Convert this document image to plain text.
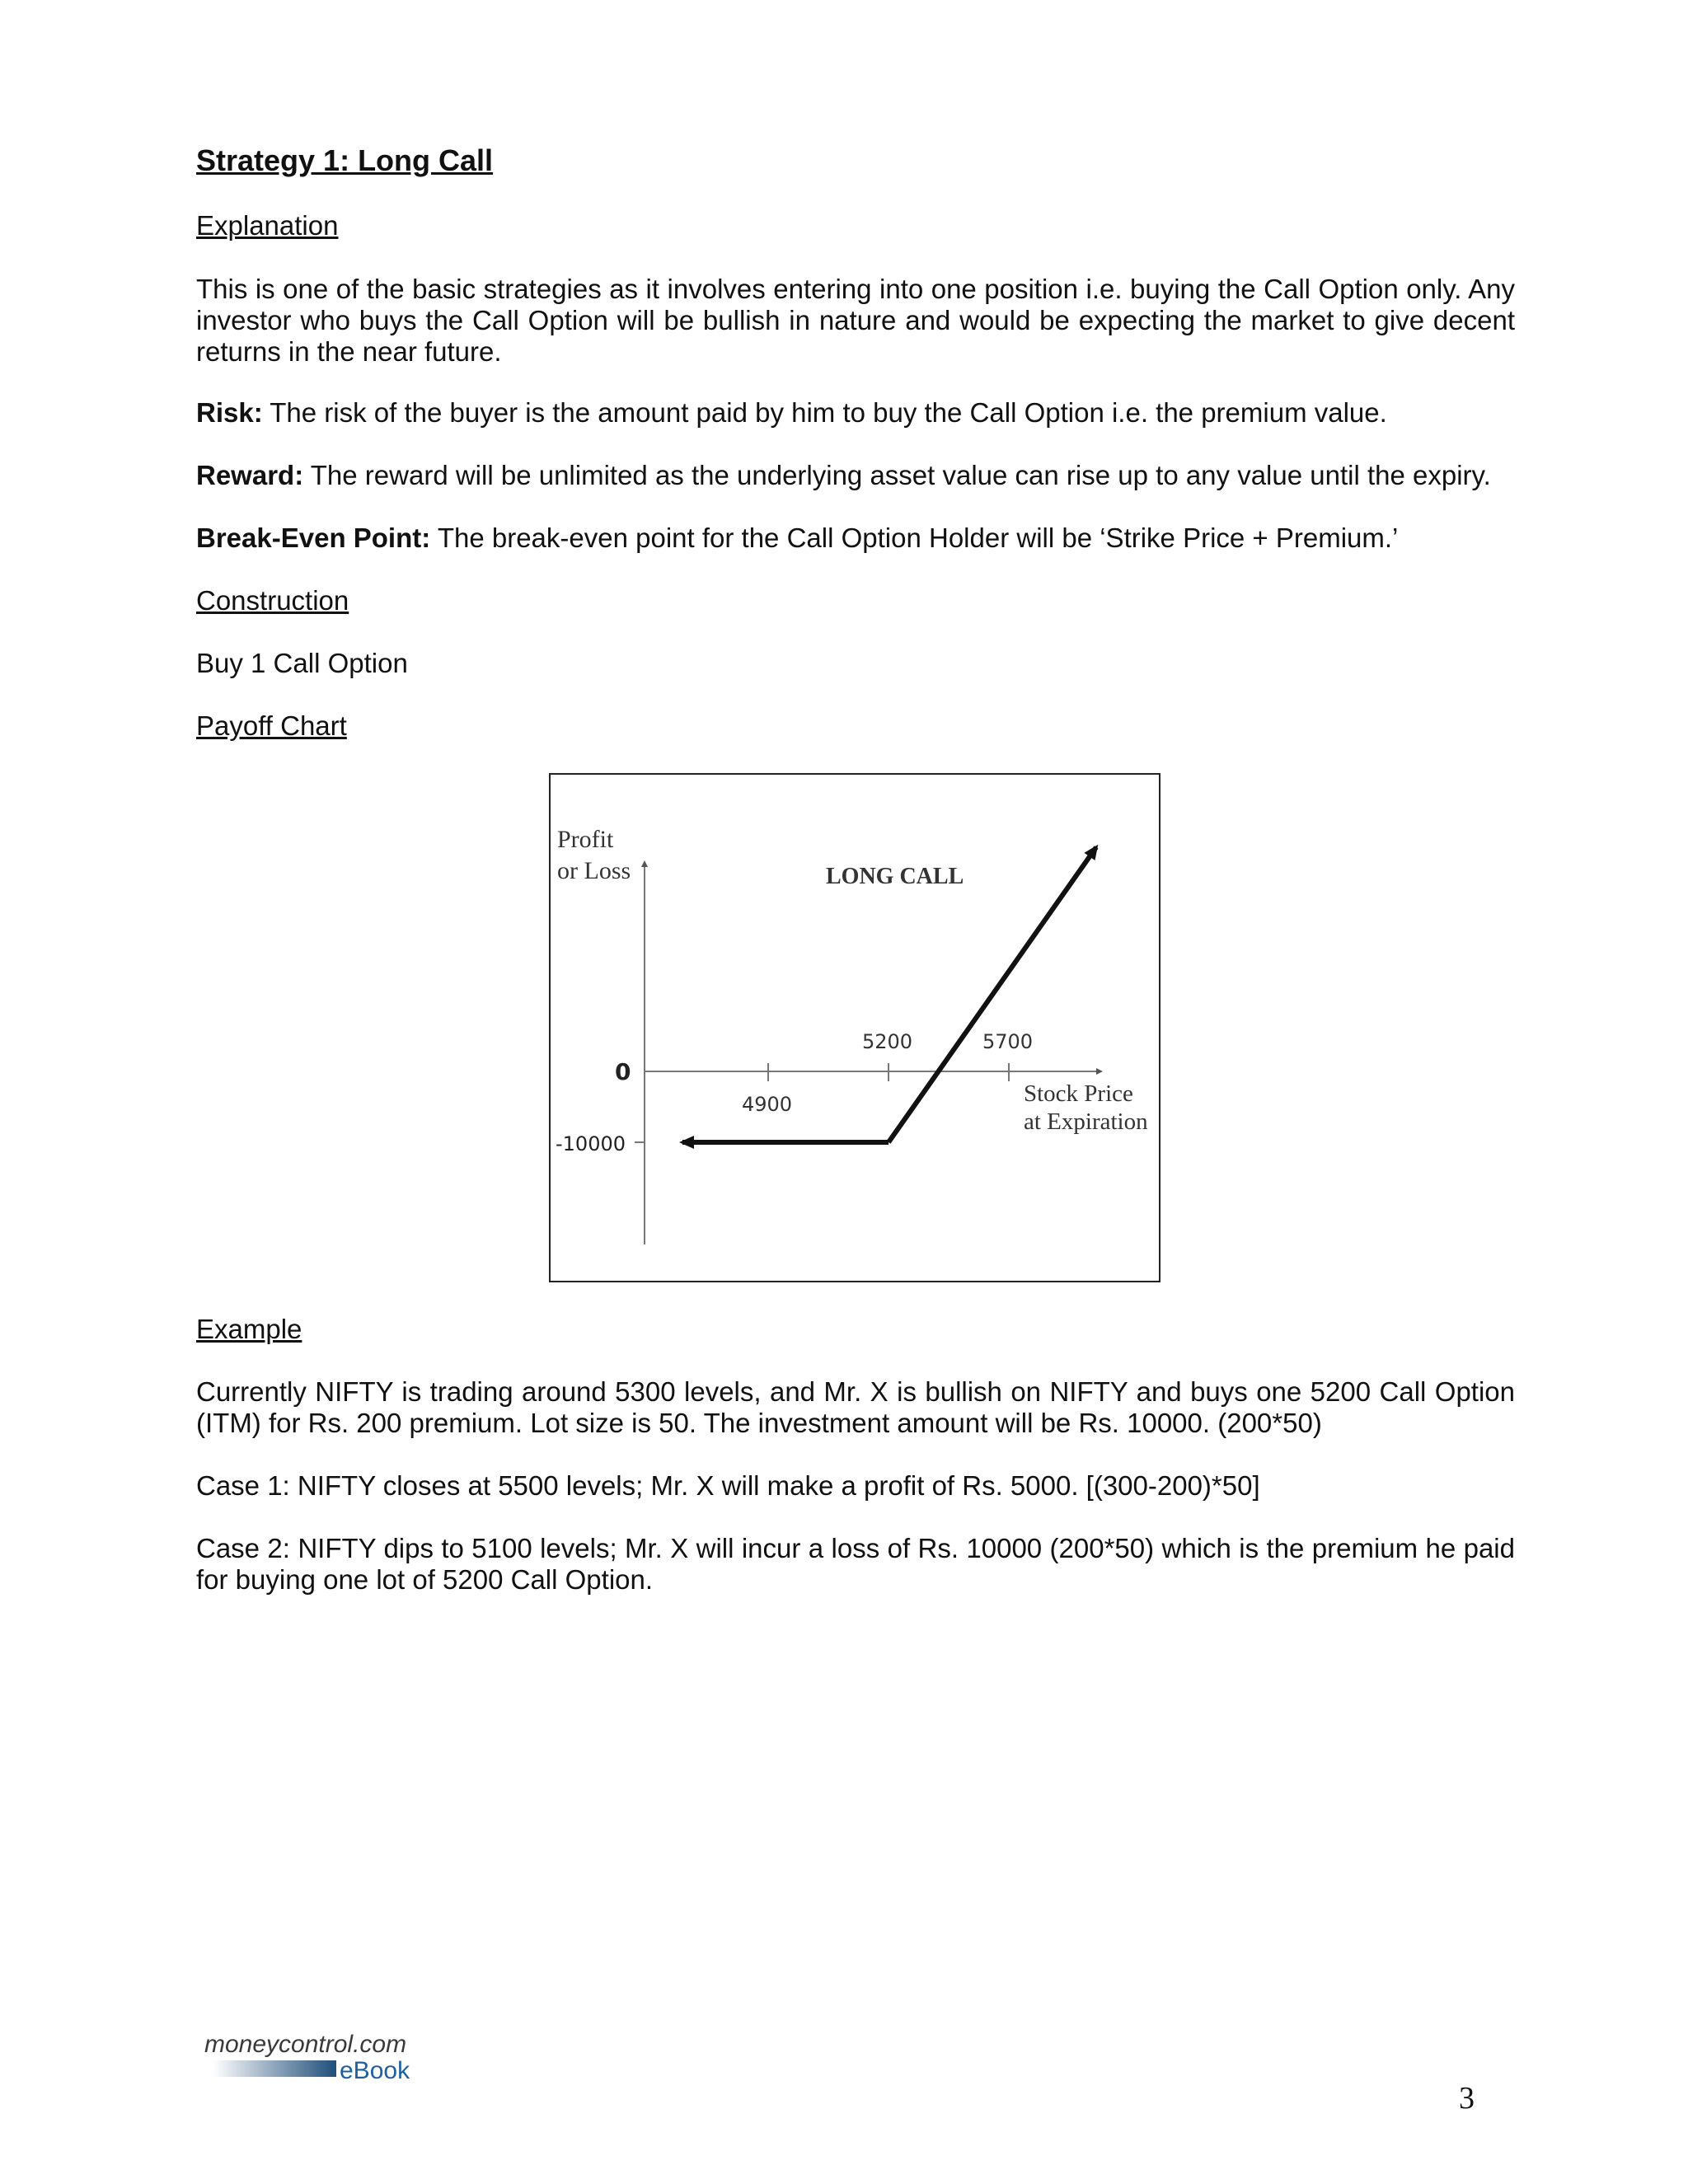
Strategy 1: Long Call

Explanation

This is one of the basic strategies as it involves entering into one position i.e. buying the Call Option only. Any investor who buys the Call Option will be bullish in nature and would be expecting the market to give decent returns in the near future.

Risk: The risk of the buyer is the amount paid by him to buy the Call Option i.e. the premium value.

Reward: The reward will be unlimited as the underlying asset value can rise up to any value until the expiry.

Break-Even Point: The break-even point for the Call Option Holder will be ‘Strike Price + Premium.’

Construction

Buy 1 Call Option

Payoff Chart

Profit
or Loss	LONG CALL
Stock Price
at Expiration
4900
5200	5700
0
-10000

Example

Currently NIFTY is trading around 5300 levels, and Mr. X is bullish on NIFTY and buys one 5200 Call Option (ITM) for Rs. 200 premium. Lot size is 50. The investment amount will be Rs. 10000. (200*50)

Case 1: NIFTY closes at 5500 levels; Mr. X will make a profit of Rs. 5000. [(300-200)*50]

Case 2: NIFTY dips to 5100 levels; Mr. X will incur a loss of Rs. 10000 (200*50) which is the premium he paid for buying one lot of 5200 Call Option.

moneycontrol.com
eBook
3
